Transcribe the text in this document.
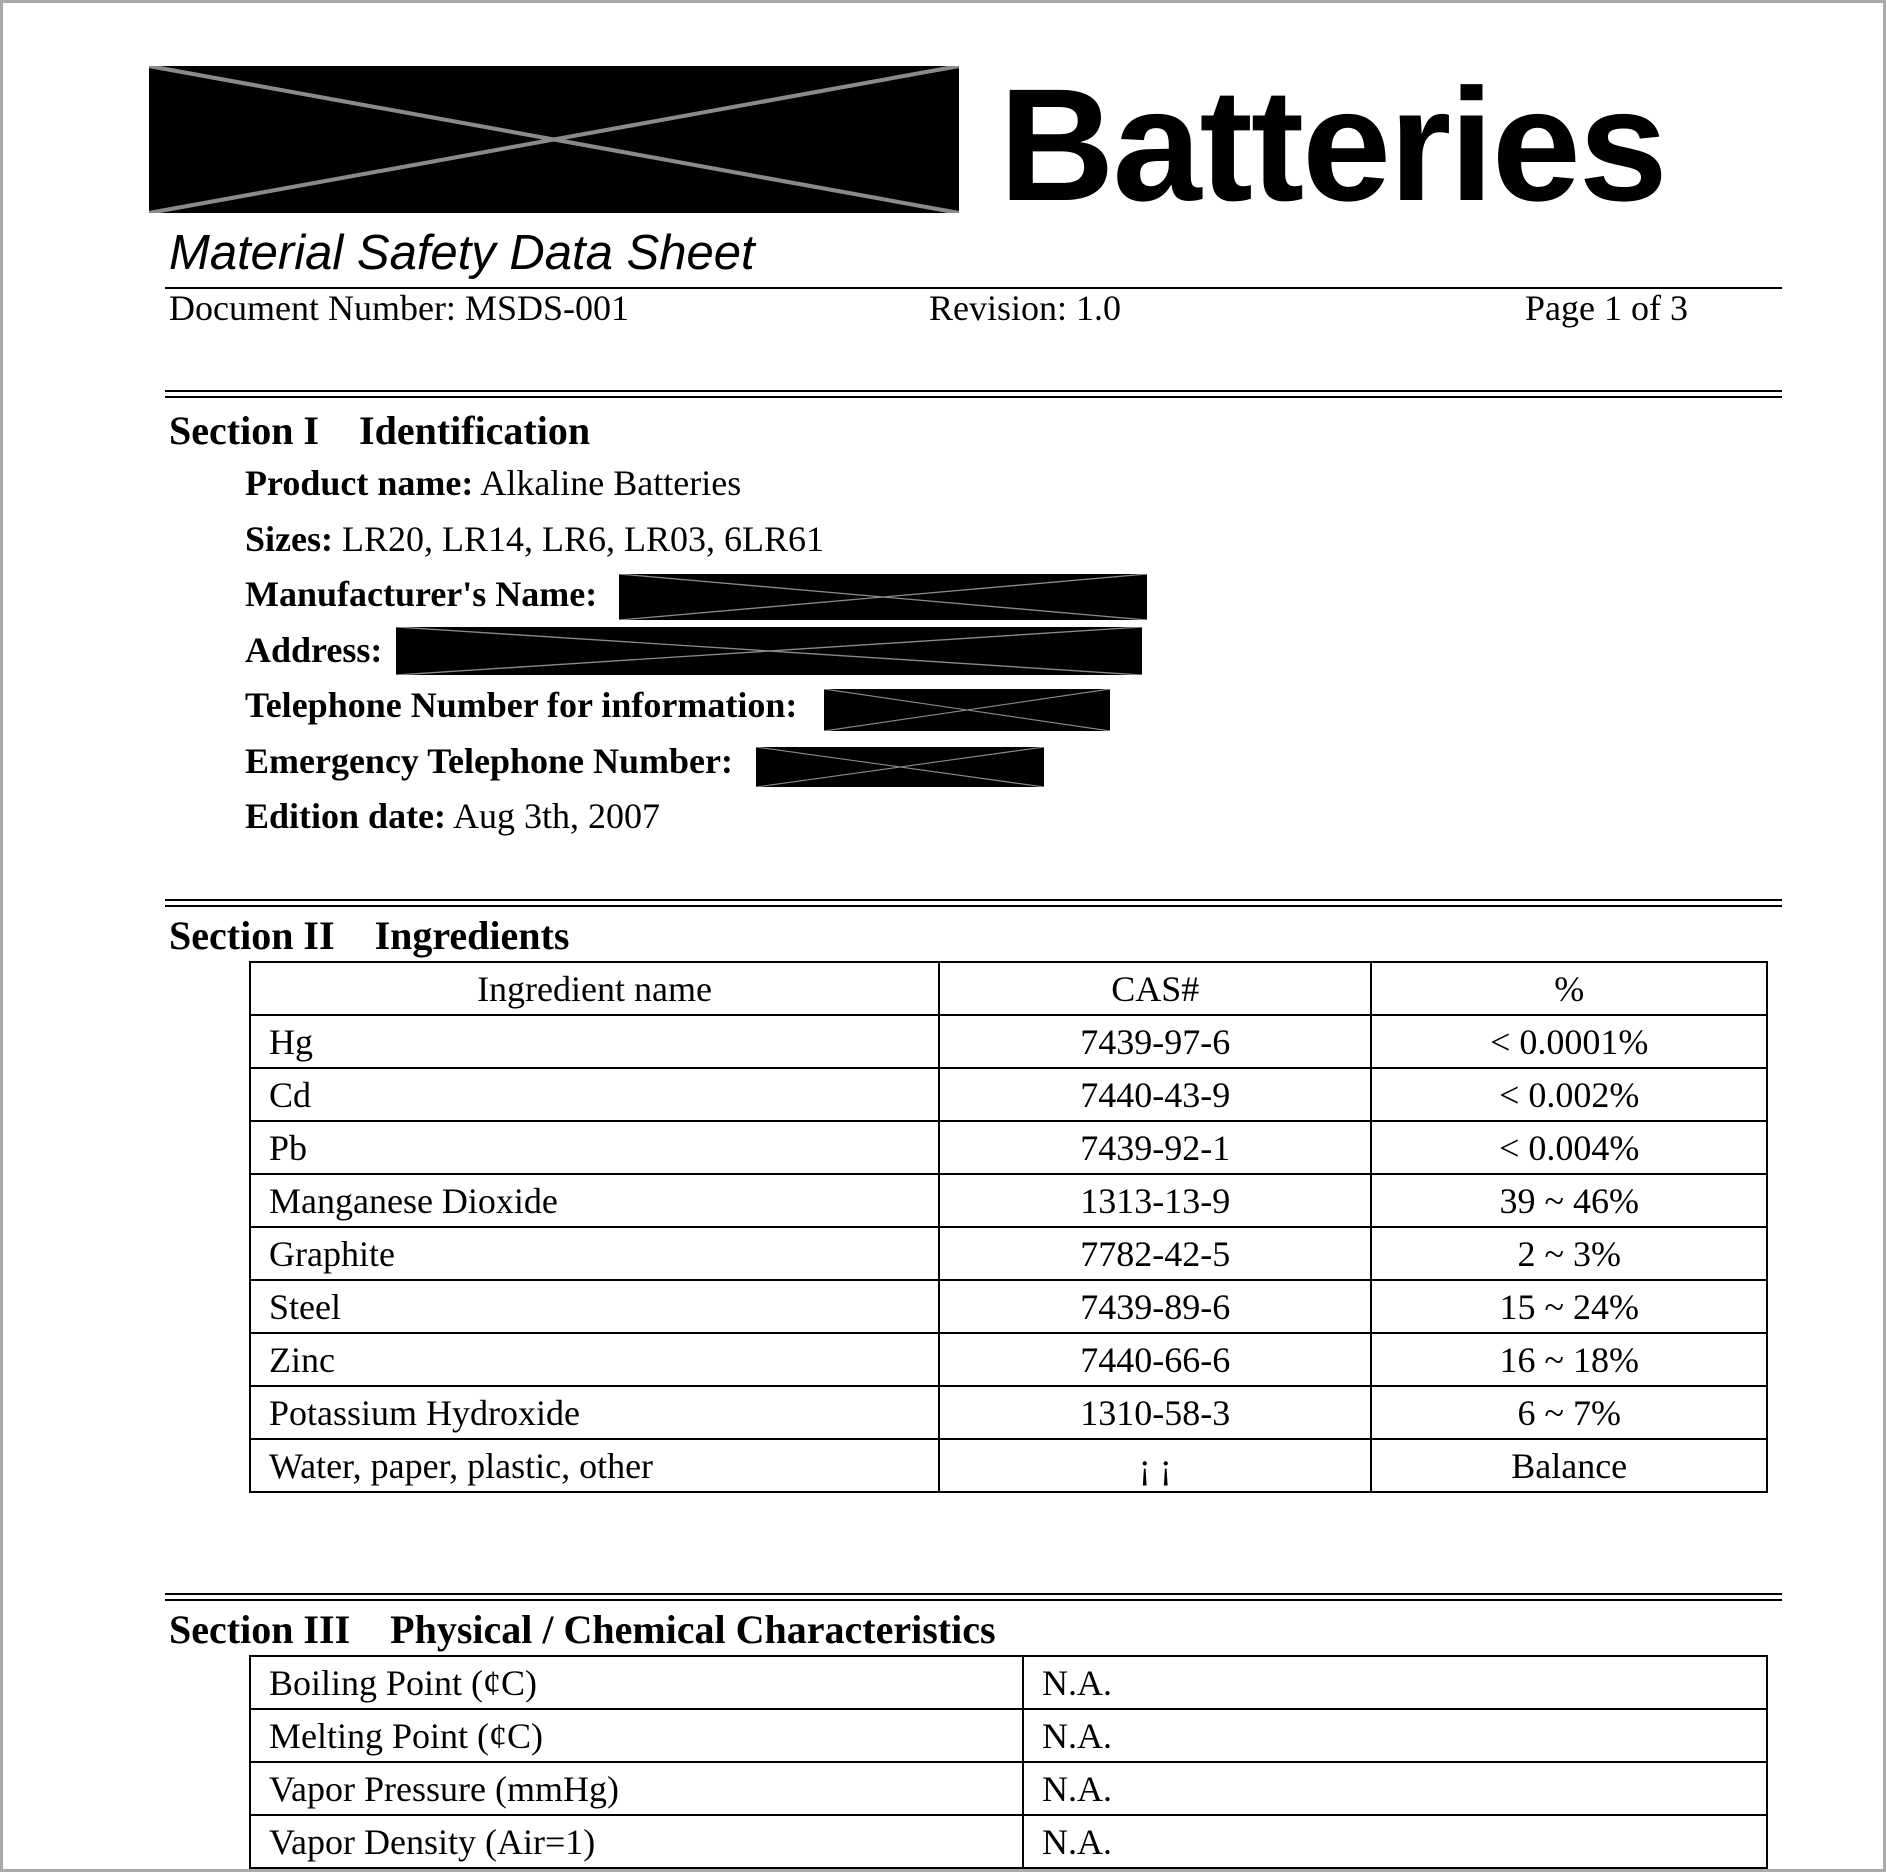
Batteries
Material Safety Data Sheet
Document Number: MSDS-001	Revision: 1.0	Page 1 of 3
Section I    Identification
Product name: Alkaline Batteries
Sizes: LR20, LR14, LR6, LR03, 6LR61
Manufacturer's Name:
Address:
Telephone Number for information:
Emergency Telephone Number:
Edition date: Aug 3th, 2007
Section II    Ingredients
Ingredient name	CAS#	%
Hg	7439-97-6	< 0.0001%
Cd	7440-43-9	< 0.002%
Pb	7439-92-1	< 0.004%
Manganese Dioxide	1313-13-9	39 ~ 46%
Graphite	7782-42-5	2 ~ 3%
Steel	7439-89-6	15 ~ 24%
Zinc	7440-66-6	16 ~ 18%
Potassium Hydroxide	1310-58-3	6 ~ 7%
Water, paper, plastic, other	¡ ¡	Balance
Section III    Physical / Chemical Characteristics
Boiling Point (¢C)	N.A.
Melting Point (¢C)	N.A.
Vapor Pressure (mmHg)	N.A.
Vapor Density (Air=1)	N.A.
